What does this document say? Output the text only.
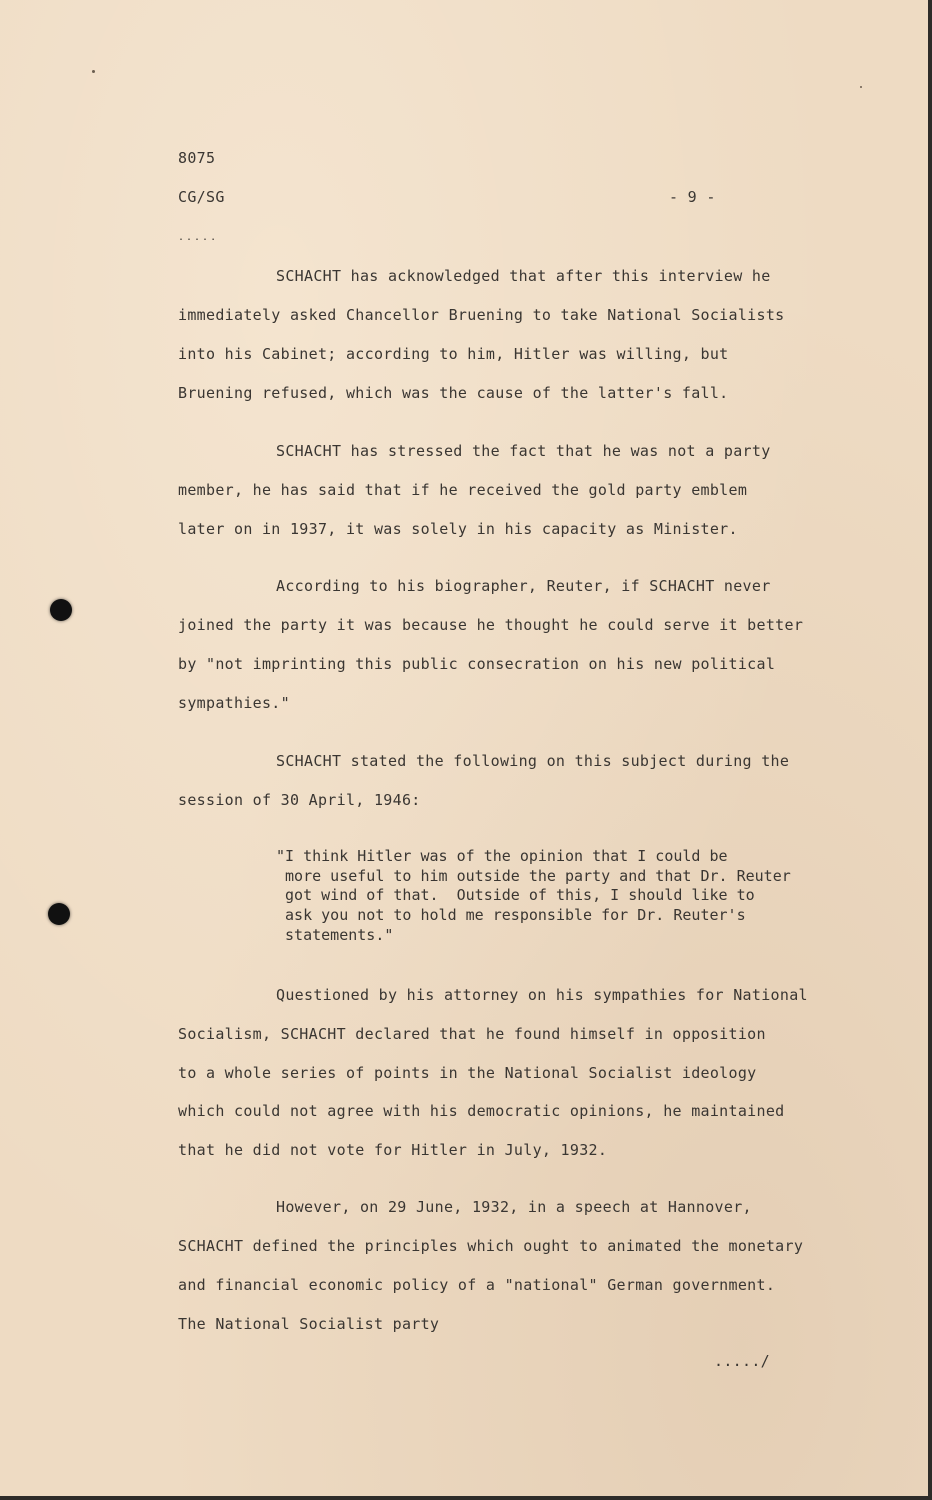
8075
CG/SG	- 9 -
.....
SCHACHT has acknowledged that after this interview he
immediately asked Chancellor Bruening to take National Socialists
into his Cabinet; according to him, Hitler was willing, but
Bruening refused, which was the cause of the latter's fall.
SCHACHT has stressed the fact that he was not a party
member, he has said that if he received the gold party emblem
later on in 1937, it was solely in his capacity as Minister.
According to his biographer, Reuter, if SCHACHT never
joined the party it was because he thought he could serve it better
by "not imprinting this public consecration on his new political
sympathies."
SCHACHT stated the following on this subject during the
session of 30 April, 1946:
"I think Hitler was of the opinion that I could be
more useful to him outside the party and that Dr. Reuter
got wind of that.  Outside of this, I should like to
ask you not to hold me responsible for Dr. Reuter's
statements."
Questioned by his attorney on his sympathies for National
Socialism, SCHACHT declared that he found himself in opposition
to a whole series of points in the National Socialist ideology
which could not agree with his democratic opinions, he maintained
that he did not vote for Hitler in July, 1932.
However, on 29 June, 1932, in a speech at Hannover,
SCHACHT defined the principles which ought to animated the monetary
and financial economic policy of a "national" German government.
The National Socialist party
...../
